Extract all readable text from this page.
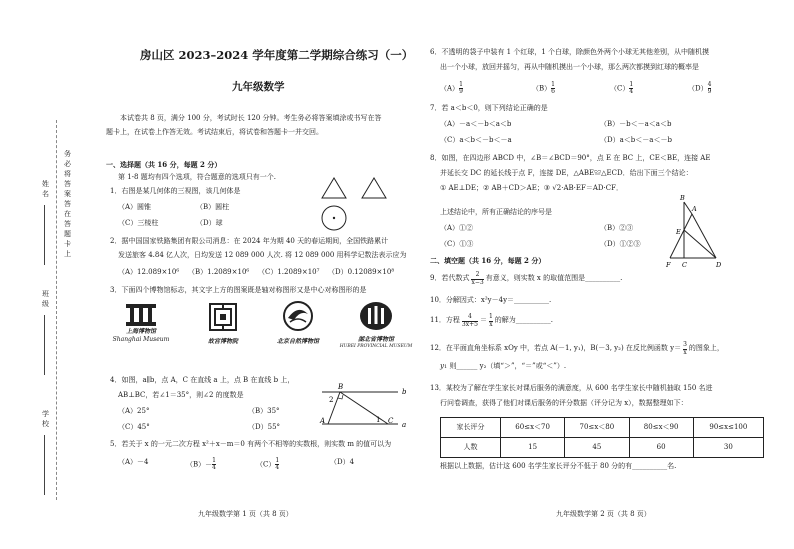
务必将答案答在答题卡上
姓名
班级
学校
房山区 2023–2024 学年度第二学期综合练习（一）
九年级数学
本试卷共 8 页，满分 100 分，考试时长 120 分钟。考生务必将答案填涂或书写在答
题卡上，在试卷上作答无效。考试结束后，将试卷和答题卡一并交回。
一、选择题（共 16 分，每题 2 分）
第 1-8 题均有四个选项，符合题意的选项只有一个.
1．右图是某几何体的三视图，该几何体是
（A）圆锥	（B）圆柱
（C）三棱柱	（D）球
2．据中国国家铁路集团有限公司消息：在 2024 年为期 40 天的春运期间，全国铁路累计
发送旅客 4.84 亿人次，日均发送 12 089 000 人次. 将 12 089 000 用科学记数法表示应为
（A）12.089×10⁶ （B）1.2089×10⁶ （C）1.2089×10⁷ （D）0.12089×10⁸
3．下面四个博物馆标志，其文字上方的图案既是轴对称图形又是中心对称图形的是
上海博物馆
Shanghai Museum	故宫博物院	北京自然博物馆	湖北省博物馆
HUBEI PROVINCIAL MUSEUM
4．如图，a∥b，点 A，C 在直线 a 上，点 B 在直线 b 上，
AB⊥BC，若∠1＝35°，则∠2 的度数是
（A）25°	（B）35°
（C）45°	（D）55°
B
b
2
A	C
1
a
5．若关于 x 的一元二次方程 x²＋x－m＝0 有两个不相等的实数根，则实数 m 的值可以为
（A）－4	$(B)- \frac{1}{4}$	$(C) \frac{1}{4}$	（D）4
九年级数学第 1 页（共 8 页）
6．不透明的袋子中装有 1 个红球，1 个白球，除颜色外两个小球无其他差别，从中随机摸
出一个小球，放回并摇匀，再从中随机摸出一个小球，那么两次都摸到红球的概率是
$(A) \frac{1}{9}$	$(B) \frac{1}{6}$	$(C) \frac{1}{4}$	$(D) \frac{4}{9}$
7．若 a＜b＜0，则下列结论正确的是
（A）－a＜－b＜a＜b	（B）－b＜－a＜a＜b
（C）a＜b＜－b＜－a	（D）a＜b＜－a＜－b
8．如图，在四边形 ABCD 中，∠B＝∠BCD＝90°，点 E 在 BC 上，CE＜BE，连接 AE
并延长交 DC 的延长线于点 F，连接 DE，△ABE≌△ECD．给出下面三个结论：
① AE⊥DE；② AB＋CD＞AE；③ √2·AB·EF＝AD·CF．
上述结论中，所有正确结论的序号是
（A）①②	（B）②③
（C）①③	（D）①②③
B
A
E
F C	D
二、填空题（共 16 分，每题 2 分）
9．若代数式	2
x−3 有意义，则实数 x 的取值范围是__________.
10．分解因式：x²y－4y＝__________.
11．方程	4
3x+5 ＝ 1
x 的解为__________.
12．在平面直角坐标系 xOy 中，若点 A(－1, y₁)，B(－3, y₂) 在反比例函数 y＝ 3
x 的图象上，
y1 则______ y₂（填“＞”，“＝”或“＜”）.
13．某校为了解在学生家长对课后服务的满意度，从 600 名学生家长中随机抽取 150 名进
行问卷调查，获得了他们对课后服务的评分数据（评分记为 x），数据整理如下：
家长评分	60≤x＜70	70≤x＜80	80≤x＜90	90≤x≤100
人数	15	45	60	30
根据以上数据，估计这 600 名学生家长评分不低于 80 分的有__________名.
九年级数学第 2 页（共 8 页）
